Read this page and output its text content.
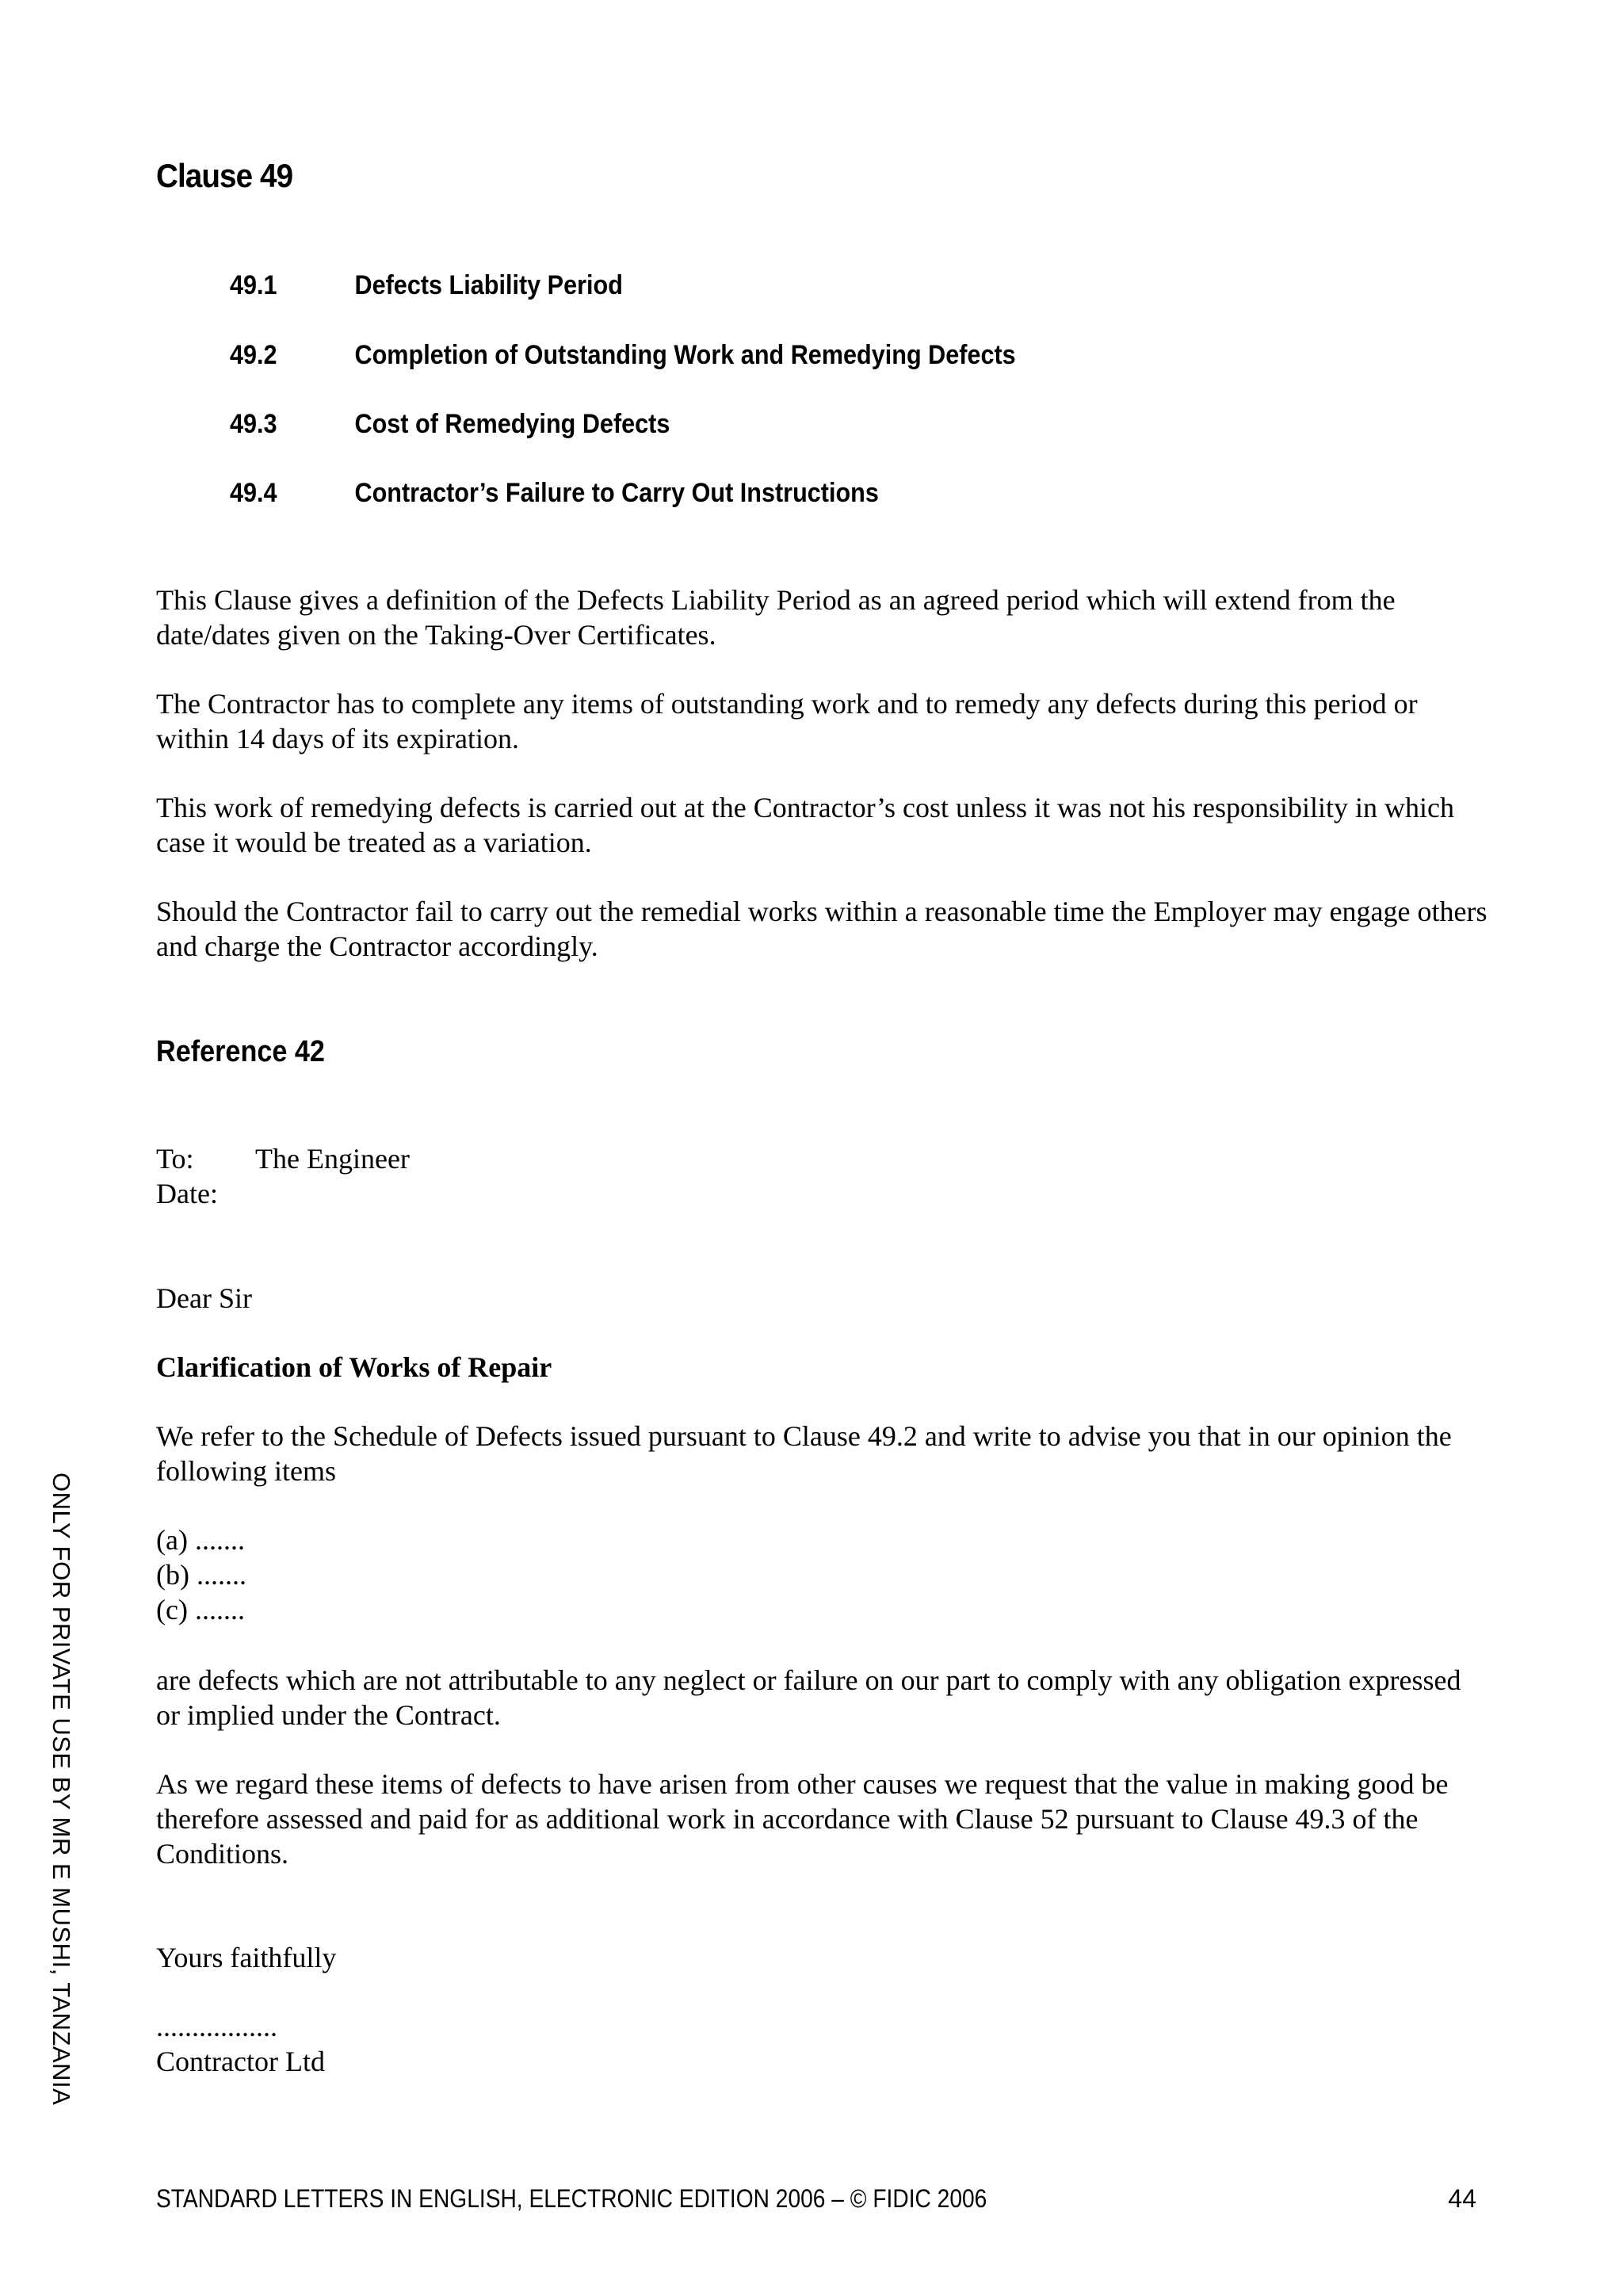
Clause 49
49.1	Defects Liability Period
49.2	Completion of Outstanding Work and Remedying Defects
49.3	Cost of Remedying Defects
49.4	Contractor’s Failure to Carry Out Instructions

This Clause gives a definition of the Defects Liability Period as an agreed period which will extend from the date/dates given on the Taking-Over Certificates.

The Contractor has to complete any items of outstanding work and to remedy any defects during this period or within 14 days of its expiration.

This work of remedying defects is carried out at the Contractor’s cost unless it was not his responsibility in which case it would be treated as a variation.

Should the Contractor fail to carry out the remedial works within a reasonable time the Employer may engage others and charge the Contractor accordingly.

Reference 42
To: The Engineer
Date:
Dear Sir
Clarification of Works of Repair

We refer to the Schedule of Defects issued pursuant to Clause 49.2 and write to advise you that in our opinion the following items

(a) .......
(b) .......
(c) .......

are defects which are not attributable to any neglect or failure on our part to comply with any obligation expressed or implied under the Contract.

As we regard these items of defects to have arisen from other causes we request that the value in making good be therefore assessed and paid for as additional work in accordance with Clause 52 pursuant to Clause 49.3 of the Conditions.

Yours faithfully
.................
Contractor Ltd
ONLY FOR PRIVATE USE BY MR E MUSHI, TANZANIA
STANDARD LETTERS IN ENGLISH, ELECTRONIC EDITION 2006 – © FIDIC 2006	44
